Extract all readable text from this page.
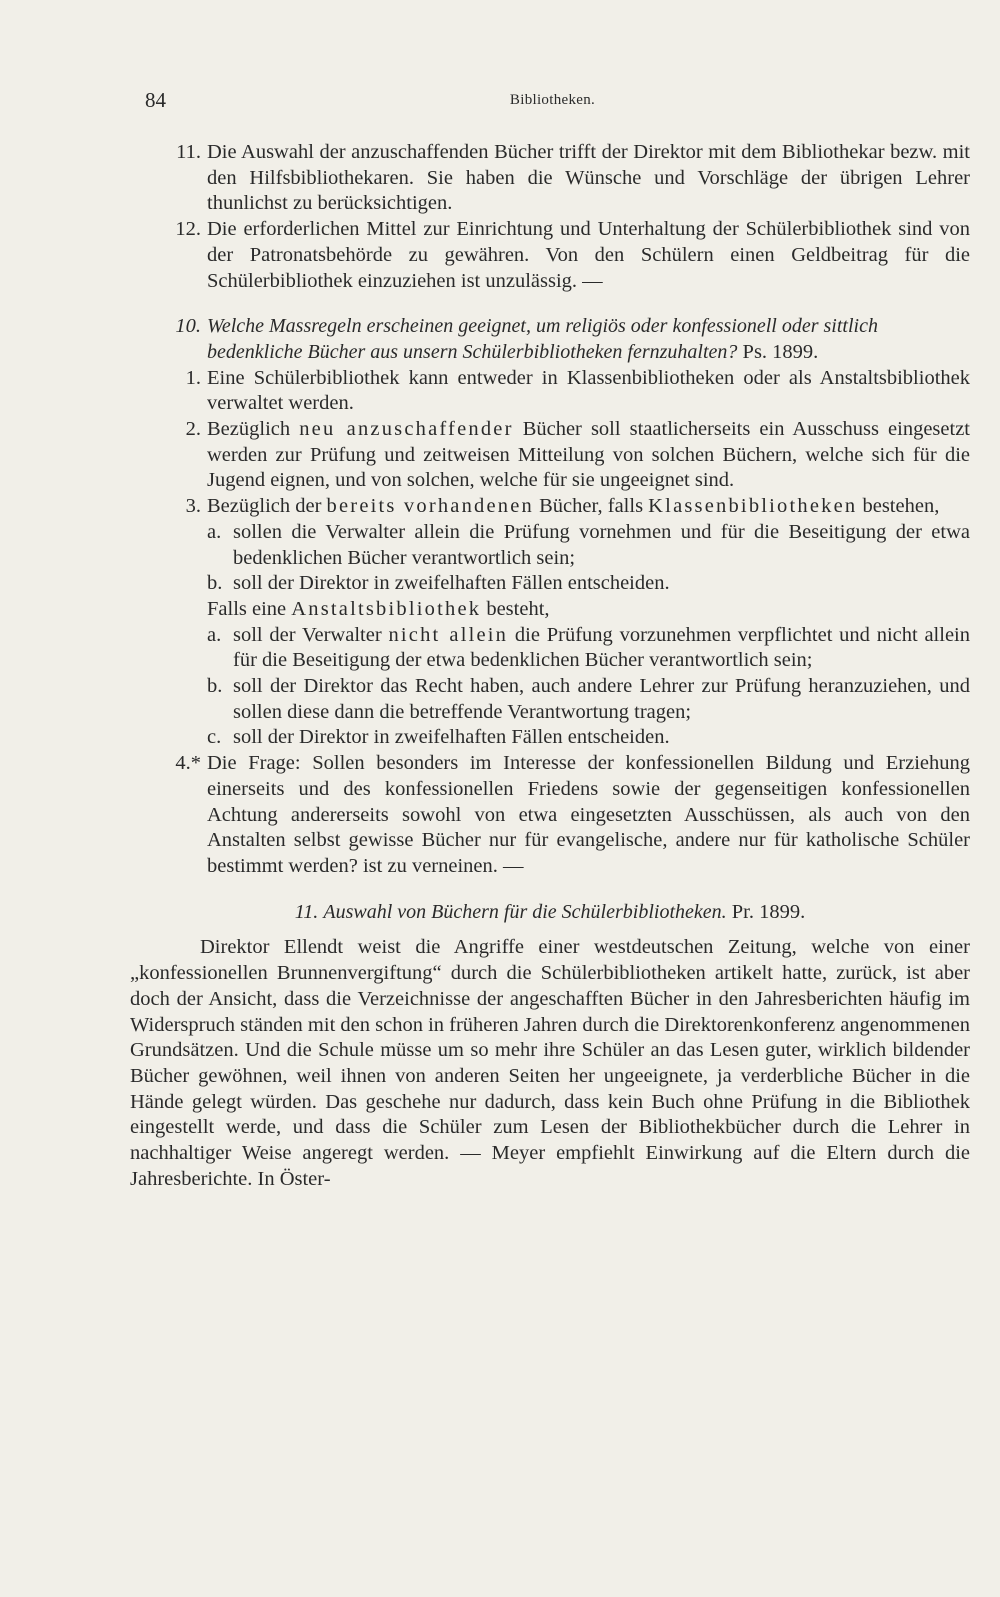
84	Bibliotheken.
11. Die Auswahl der anzuschaffenden Bücher trifft der Direktor mit dem Bibliothekar bezw. mit den Hilfsbibliothekaren. Sie haben die Wünsche und Vorschläge der übrigen Lehrer thunlichst zu berücksichtigen.
12. Die erforderlichen Mittel zur Einrichtung und Unterhaltung der Schülerbibliothek sind von der Patronatsbehörde zu gewähren. Von den Schülern einen Geldbeitrag für die Schülerbibliothek einzuziehen ist unzulässig. —
10. Welche Massregeln erscheinen geeignet, um religiös oder konfessionell oder sittlich bedenkliche Bücher aus unsern Schülerbibliotheken fernzuhalten? Ps. 1899.
1. Eine Schülerbibliothek kann entweder in Klassenbibliotheken oder als Anstaltsbibliothek verwaltet werden.
2. Bezüglich neu anzuschaffender Bücher soll staatlicherseits ein Ausschuss eingesetzt werden zur Prüfung und zeitweisen Mitteilung von solchen Büchern, welche sich für die Jugend eignen, und von solchen, welche für sie ungeeignet sind.
3. Bezüglich der bereits vorhandenen Bücher, falls Klassenbibliotheken bestehen,
a. sollen die Verwalter allein die Prüfung vornehmen und für die Beseitigung der etwa bedenklichen Bücher verantwortlich sein;
b. soll der Direktor in zweifelhaften Fällen entscheiden.
Falls eine Anstaltsbibliothek besteht,
a. soll der Verwalter nicht allein die Prüfung vorzunehmen verpflichtet und nicht allein für die Beseitigung der etwa bedenklichen Bücher verantwortlich sein;
b. soll der Direktor das Recht haben, auch andere Lehrer zur Prüfung heranzuziehen, und sollen diese dann die betreffende Verantwortung tragen;
c. soll der Direktor in zweifelhaften Fällen entscheiden.
4.* Die Frage: Sollen besonders im Interesse der konfessionellen Bildung und Erziehung einerseits und des konfessionellen Friedens sowie der gegenseitigen konfessionellen Achtung andererseits sowohl von etwa eingesetzten Ausschüssen, als auch von den Anstalten selbst gewisse Bücher nur für evangelische, andere nur für katholische Schüler bestimmt werden? ist zu verneinen. —
11. Auswahl von Büchern für die Schülerbibliotheken. Pr. 1899.
Direktor Ellendt weist die Angriffe einer westdeutschen Zeitung, welche von einer „konfessionellen Brunnenvergiftung“ durch die Schülerbibliotheken artikelt hatte, zurück, ist aber doch der Ansicht, dass die Verzeichnisse der angeschafften Bücher in den Jahresberichten häufig im Widerspruch ständen mit den schon in früheren Jahren durch die Direktorenkonferenz angenommenen Grundsätzen. Und die Schule müsse um so mehr ihre Schüler an das Lesen guter, wirklich bildender Bücher gewöhnen, weil ihnen von anderen Seiten her ungeeignete, ja verderbliche Bücher in die Hände gelegt würden. Das geschehe nur dadurch, dass kein Buch ohne Prüfung in die Bibliothek eingestellt werde, und dass die Schüler zum Lesen der Bibliothekbücher durch die Lehrer in nachhaltiger Weise angeregt werden. — Meyer empfiehlt Einwirkung auf die Eltern durch die Jahresberichte. In Öster-
